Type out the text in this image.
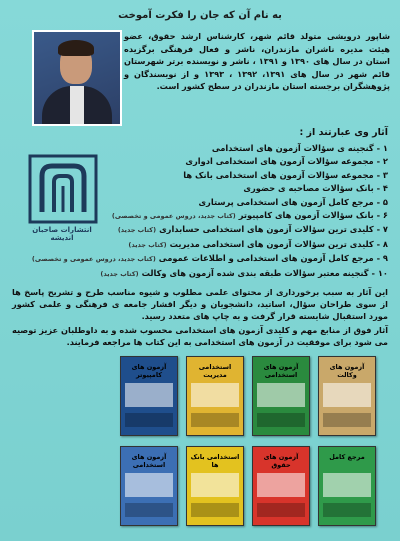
به نام آن که جان را فکرت آموخت
شاپور درویشی متولد قائم شهر، کارشناس ارشد حقوق، عضو هیئت مدیره ناشران مازندران، ناشر و فعال فرهنگی برگزیده استان در سال های ۱۳۹۰ و ۱۳۹۱ ، ناشر و نویسنده برتر شهرستان قائم شهر در سال های ۱۳۹۱، ۱۳۹۲ ، ۱۳۹۳ و از نویسندگان و پژوهشگران برجسته استان مازندران در سطح کشور است.
انتشارات صاحبان اندیشه
آثار وی عبارتند از :
۱ - گنجینه ی سؤالات آزمون های استخدامی
۲ - مجموعه سؤالات آزمون های استخدامی ادواری
۳ - مجموعه سؤالات آزمون های استخدامی بانک ها
۴ - بانک سؤالات مصاحبه ی حضوری
۵ - مرجع کامل آزمون های استخدامی پرستاری
۶ - بانک سؤالات آزمون های کامپیوتر(کتاب جدید، دروس عمومی و تخصصی)
۷ - کلیدی ترین سؤالات آزمون های استخدامی حسابداری(کتاب جدید)
۸ - کلیدی ترین سؤالات آزمون های استخدامی مدیریت(کتاب جدید)
۹ - مرجع کامل آزمون های استخدامی و اطلاعات عمومی(کتاب جدید، دروس عمومی و تخصصی)
۱۰ - گنجینه معتبر سؤالات طبقه بندی شده آزمون های وکالت(کتاب جدید)
این آثار به سبب برخورداری از محتوای علمی مطلوب و شیوه مناسب طرح و تشریح پاسخ ها از سوی طراحان سؤال، اساتید، دانشجویان و دیگر اقشار جامعه ی فرهنگی و علمی کشور مورد استقبال شایسته قرار گرفت و به چاپ های متعدد رسید.
آثار فوق از منابع مهم و کلیدی آزمون های استخدامی محسوب شده و به داوطلبان عزیز توصیه می شود برای موفقیت در آزمون های استخدامی به این کتاب ها مراجعه فرمایند.
آزمون های کامپیوتر
استخدامی مدیریت
آزمون های استخدامی
آزمون های وکالت
آزمون های استخدامی
استخدامی بانک ها
آزمون های حقوق
مرجع کامل
